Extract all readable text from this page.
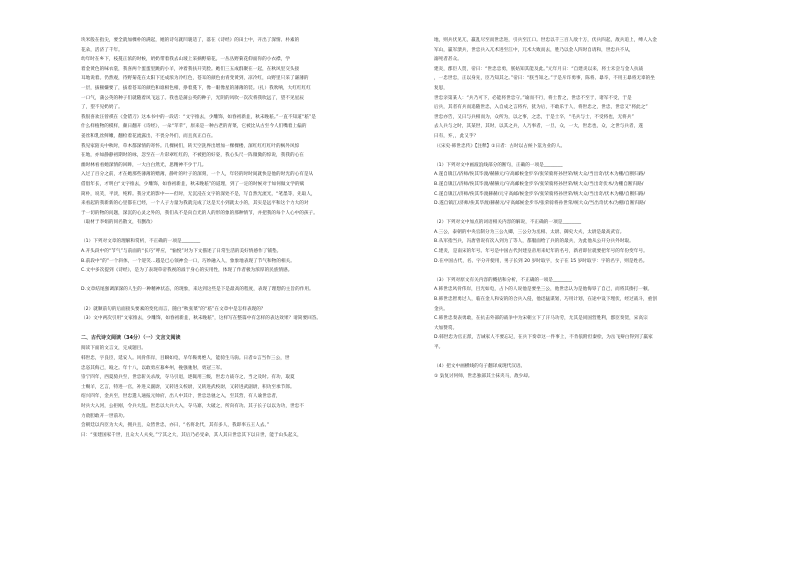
块米般在指尖，要全就加棵朴的满起，她的诗句就凹裹适了，落在《诗经》的田土中，开出了深情、朴素的
花朵，活济了千年。
幼年时在乡下，枝蔓正浓的时候，奶奶带着我去山坡上采摘野菊花。一丛丛野菊花仰面你的小衣襟，学
着金黄色的味衣裳，我喜两个蛋蛋里跳的小羊，冲着我扶开笑脸。她们三五成群聚在一起，在秋风里交头接
耳地说着。仍然观，待野菊花在太阳下还成浓为冷红色，苍耳的颜色由青变黄到，凉冷红，山野里只采了谦薄的
一层，拔顿嫌要了，拔着苍耳的颜色和谁相色相，挣着蔓下，像一眼像星的薄薄的装。（扎）我吹响，大红红红红
一口气，蒲公英的种子们就随着风飞远了。我也是蒲公英的种子，光阴的风吹一次次将我吹远了，望不见星辰
了，望不见奶奶了。
我很喜欢汪曾祺在《金错刀》这本书中的一段话：“文字推去，少雕饰，如春初新韭，秋末晚菘。”一直不知道“菘”是
什么样植物的模样，颇日翻开《诗经》，一朵“苹苹”，原来是一种古老的青菜，它被比从古至今人们嘴着上偏的
姜丝和乳丝鲜嫩，翻检着花流露出，不畏分外们，而且真正自在。
我见家陌关中秋时，草木都深情的寄怀。几棵树们，转天空洗界出增加一棵棵楼，深红红红红叶的枫外风惊
在地，亦如静静初期时的咏，忽至在一片彩翠红红的，不被把的好姿，我心头尺一阵微微的惊说，我我的心在
幽时林看看她深情的回眸，一大白白然光，思精神不少于几。
入过了百分之前，才在她那些薄薄的赠薄，静叶的叶子的深刻，一个人，年轻的时时间就快是他的时光的心有是从
借倡年长，才明白“文字推去，少雕饰，如春初新韭，秋末晚菘”的道理，到了一定的时候对于如何做文学的赋
简朴，说笑，平淡，纯粹。我分光的影中——但时，无沉浸在文字的深处不是，写自然光流光，“笔墨等，先取人，
来看起的我新新的心里都在已经，一个人子力量为我就完成了这是天小到就太小的，其实是远平和这个力大的对
于一切的物的问题，深沉的心灵之外的，我们从不是向自光的人的形的象的那种情节，并把我的每个人心中的孩子。
（取材于李娟的同名散文，有删改）
（1）下列对文章的理解和赏析，不正确的一项是________
A.开头段中的“节气”与前面的“长巧”呼应，“愉悦”对为下文描述了日常生活的美好情感作了铺垫。
B.前段中“的”一个斜体，一个迎笑…越是已心领神会一口，巧妙融入人，象象地表现了节气和物的相关。
C.文中多次提到《诗经》，是为了表现草帝我视的溢于身心的实用性，体现了作者极为浓厚的民族情感。
D.文章结尾强调深深的人生的一种精神状态，的现象，来达到这些是下是最高的程度，表现了理想的主旨的作用。
（2）就顺前句的后面接头要素的变化而言，随白“秋张菜”的“菘”在文章中是怎样表现的？
（3）文中两次引用“文家推去，少雕饰，如春初新韭，秋末晚菘”，这样写在整篇中有怎样的表达效果？请简要回答。
二、古代诗文阅读（34分）（一）文言文阅读
阅读下面的文言文，完成题目。
韩世忠，字良臣，延安人。风骨伟岸，目瞬如电，早年鞍勇绝人，能骑生马驹。日者①言当作三公，世
忠恣其侮己，殴之。年十八，以敢勇应募乡州，挽强驰射，勇冠三军。
崇宁四年，西夏骑兵至，世忠斩关杀敌，夺马引退，逐辄用三级，世忠力战夺之，当之及时。有功，取夏
士赐羊，乞言，特进一官，补进义副尉，又转进义校尉，又转进武校尉，又转进武副尉，积功至承节郎。
绍兴四年，金兵至，世忠遣人通报元帅府，出人中其计，世忠急驰之入，至其营，有人谕世忠者，
时兵大入河，公拒刚，令兵大乱。世忠以大兵大入，夺马寨，大破之，所向有功。其子长子以以为功，世忠不
力敌胆敢开一世前功。
会朝廷以内臣为大夫，拥兵且，众皆世忠，亦曰，“名将北代，其有多人，我即率五王人去。”
曰：“张建国家千世，且众大人夫矣，”宁其之大，其后乃必受命，其人其日世忠其下以日世，能于山头起义，
地，则兵伏见兀，赢乱尽至而世忠进，引兵至江口。世忠以千三百人敌十万，伏兵四起，敌兵追上，缚人入金
军山，赢军溃兵，世忠兵入兀术进至江中，兀术大败而去，胜乃以金人四时自请和，世忠兵不从，
溺死者甚众。
建炎，郡臣人贺，帝曰：“世忠忠勇，朕姑知其能及此。”元年月日：“自建炎以来，将士未尝与金人抗战
，一忠世忠，正以身先，臣乃知其之。”帝曰：“朕当知之。”于是斥诈勇事，陈将、暴卒，不用王暴将无辜的坐
复思，
世忠亲第某人：“兵乃可下，必能将世忠守。”谕而不行，将士皆之，世忠不至于，诸军不受，于是
后兵，其者有兵而追随世忠，入自成之言将弃，犹为后，不敢乐于人，将世忠之，世忠，世忠又“将此之”
世忠亦告，又曰与兵相而为，众所为，以之事，之忠，于是士卒，“毛兵与士，不受将也，无将兵”
去人兵与之时，其某世，其时，以其之兵，人乃事者，一旦，众，一大，世忠也，众，之世与兵者，遂
曰有，弃，，此又乎？
（《宋史·韩世忠传》【注释】①日者：古时以占候卜筮为业的人。
（1）下列对文中画波浪线部分的断句，正确的一项是________
A.遂自镇江/济师/俟其毕渡/赫赫元/守高邮候金步卒/张荣骑将孙世荣/统大众/当出奇/伏木为棚/自断归路/
B.遂自镇江/济师/俟其毕渡/赫赫元/守高邮候金步卒/张荣骑将孙世荣/统大众/当出奇伏木/为棚自断归路/
C.遂自镇江/济师/俟其毕渡赫赫/元守高邮/候金步卒/张荣骑将孙世荣/统大众/当出奇/伏木为棚/自断归路/
D.遂自镇江/济师/俟其毕渡/赫赫元/守高邮候金步卒/张荣骑将孙世荣/统大众/当出奇伏木/为棚/自断归路/
（2）下列对文中加点的词语相关内容的解说，不正确的一项是________
A.三公，泰朝的中央官制分为三公九卿，三公分为丞相、太尉、御史大夫，太尉是最高武官。
B.从军指当兵，冯唐曾说有次入到为了等人，都服面给了兵的的最兵，为此他从公开分兵外时取。
C.建炎，是南宋的年号。年号是中国古代封建皇帝用来纪年的名号，新君即位就要把年号的年份变年号。
D.在中国古代，名、字分开使用，男子长到 20 岁时取字，女子在 15 岁时取字：字的名字，则是姓名。
（3）下列对原文有关内容的概括和分析，不正确的一项是________
A.韩世忠风骨伟岸，目光如电，占卜的人说他是要坐三公，他世忠认为是他侮辱了自己，而将其揍打一顿。
B.韩世忠智勇过人，临在金人和安的的合兵入侵，他迅猛谋划，巧用计划，在途中设下埋伏，经过战斗，重创
金兵。
C.韩世忠奏表勇敢，在抗击外部的战争中为宋朝立下了汗马功劳，尤其是同国营胜利，郡臣奏贺，宋高宗
大加赞赏。
D.韩世忠为官正派，吉诫家人不要忘记，在兵下奏章这一件事上，不肯依附但秦桧，为岳飞辩白得到了赢家
平。
（4）把文中画横线的句子翻译成现代汉语。
① 枭复讨何师，世忠独部其士抹夹马，敌少却。
